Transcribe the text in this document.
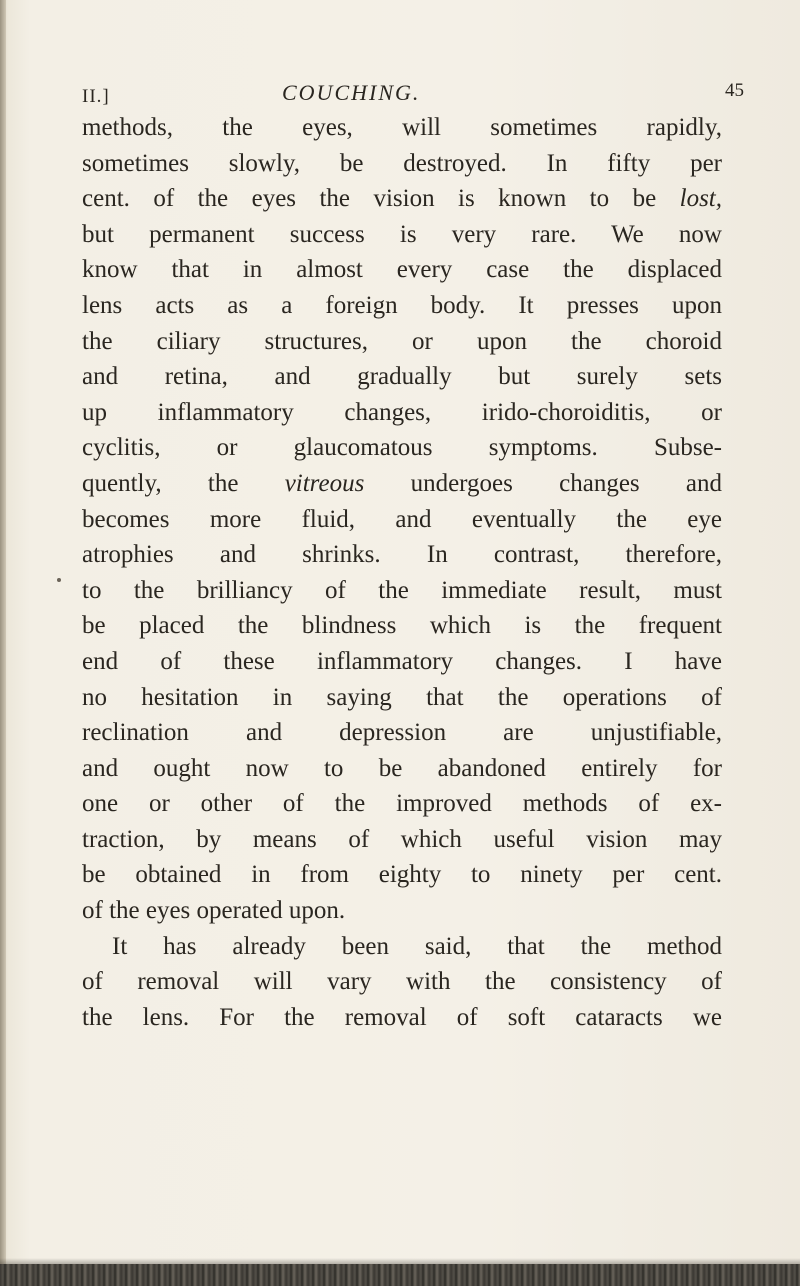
II.]	COUCHING.	45
methods, the eyes, will sometimes rapidly,
sometimes slowly, be destroyed. In fifty per
cent. of the eyes the vision is known to be lost,
but permanent success is very rare. We now
know that in almost every case the displaced
lens acts as a foreign body. It presses upon
the ciliary structures, or upon the choroid
and retina, and gradually but surely sets
up inflammatory changes, irido-choroiditis, or
cyclitis, or glaucomatous symptoms. Subse-
quently, the vitreous undergoes changes and
becomes more fluid, and eventually the eye
atrophies and shrinks. In contrast, therefore,
to the brilliancy of the immediate result, must
be placed the blindness which is the frequent
end of these inflammatory changes. I have
no hesitation in saying that the operations of
reclination and depression are unjustifiable,
and ought now to be abandoned entirely for
one or other of the improved methods of ex-
traction, by means of which useful vision may
be obtained in from eighty to ninety per cent.
of the eyes operated upon.
It has already been said, that the method
of removal will vary with the consistency of
the lens. For the removal of soft cataracts we
